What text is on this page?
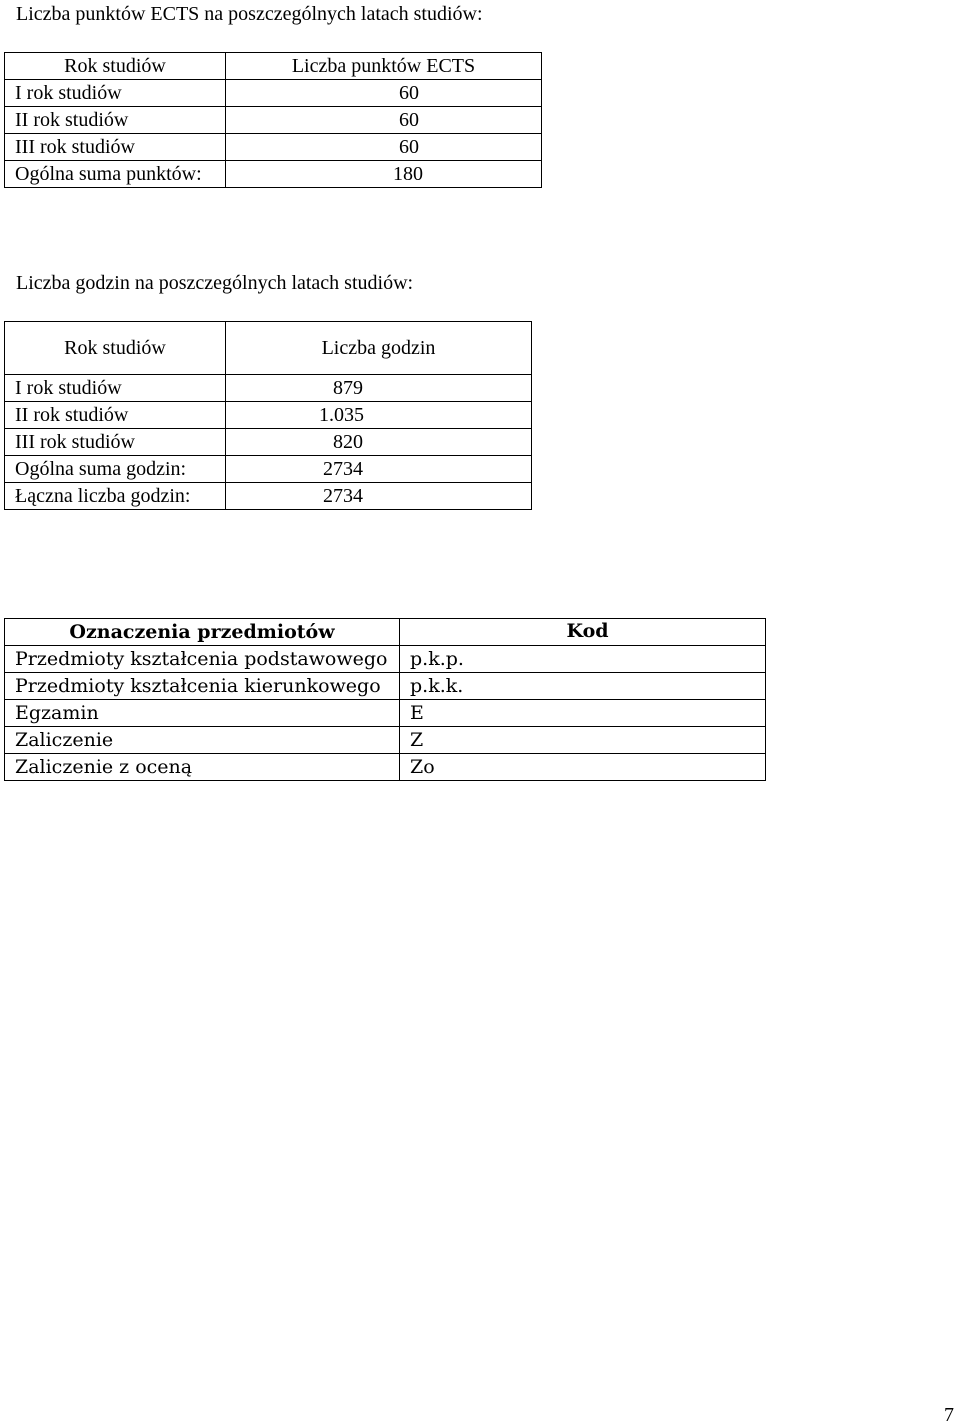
Liczba punktów ECTS na poszczególnych latach studiów:
Rok studiów	Liczba punktów ECTS
I rok studiów	60
II rok studiów	60
III rok studiów	60
Ogólna suma punktów:	180
Liczba godzin na poszczególnych latach studiów:
Rok studiów	Liczba godzin
I rok studiów	879
II rok studiów	1.035
III rok studiów	820
Ogólna suma godzin:	2734
Łączna liczba godzin:	2734
Oznaczenia przedmiotów	Kod
Przedmioty kształcenia podstawowego	p.k.p.
Przedmioty kształcenia kierunkowego	p.k.k.
Egzamin	E
Zaliczenie	Z
Zaliczenie z oceną	Zo
7
